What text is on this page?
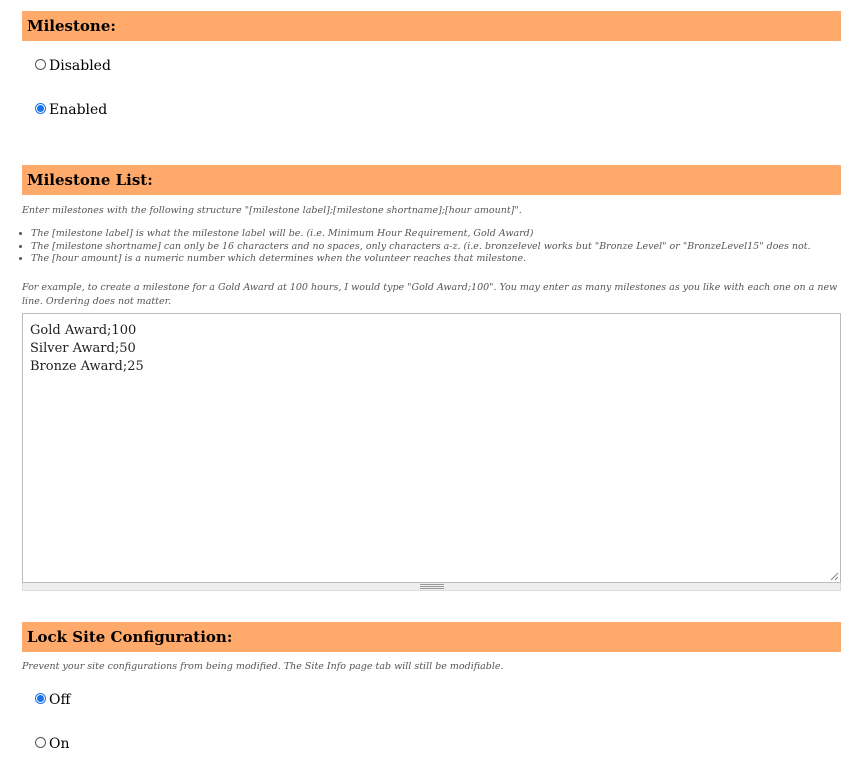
Milestone:
Disabled
Enabled
Milestone List:
Enter milestones with the following structure "[milestone label];[milestone shortname];[hour amount]".
• The [milestone label] is what the milestone label will be. (i.e. Minimum Hour Requirement, Gold Award)
• The [milestone shortname] can only be 16 characters and no spaces, only characters a-z. (i.e. bronzelevel works but "Bronze Level" or "BronzeLevel15" does not.
• The [hour amount] is a numeric number which determines when the volunteer reaches that milestone.
For example, to create a milestone for a Gold Award at 100 hours, I would type "Gold Award;100". You may enter as many milestones as you like with each one on a new line. Ordering does not matter.
Gold Award;100
Silver Award;50
Bronze Award;25
Lock Site Configuration:
Prevent your site configurations from being modified. The Site Info page tab will still be modifiable.
Off
On
